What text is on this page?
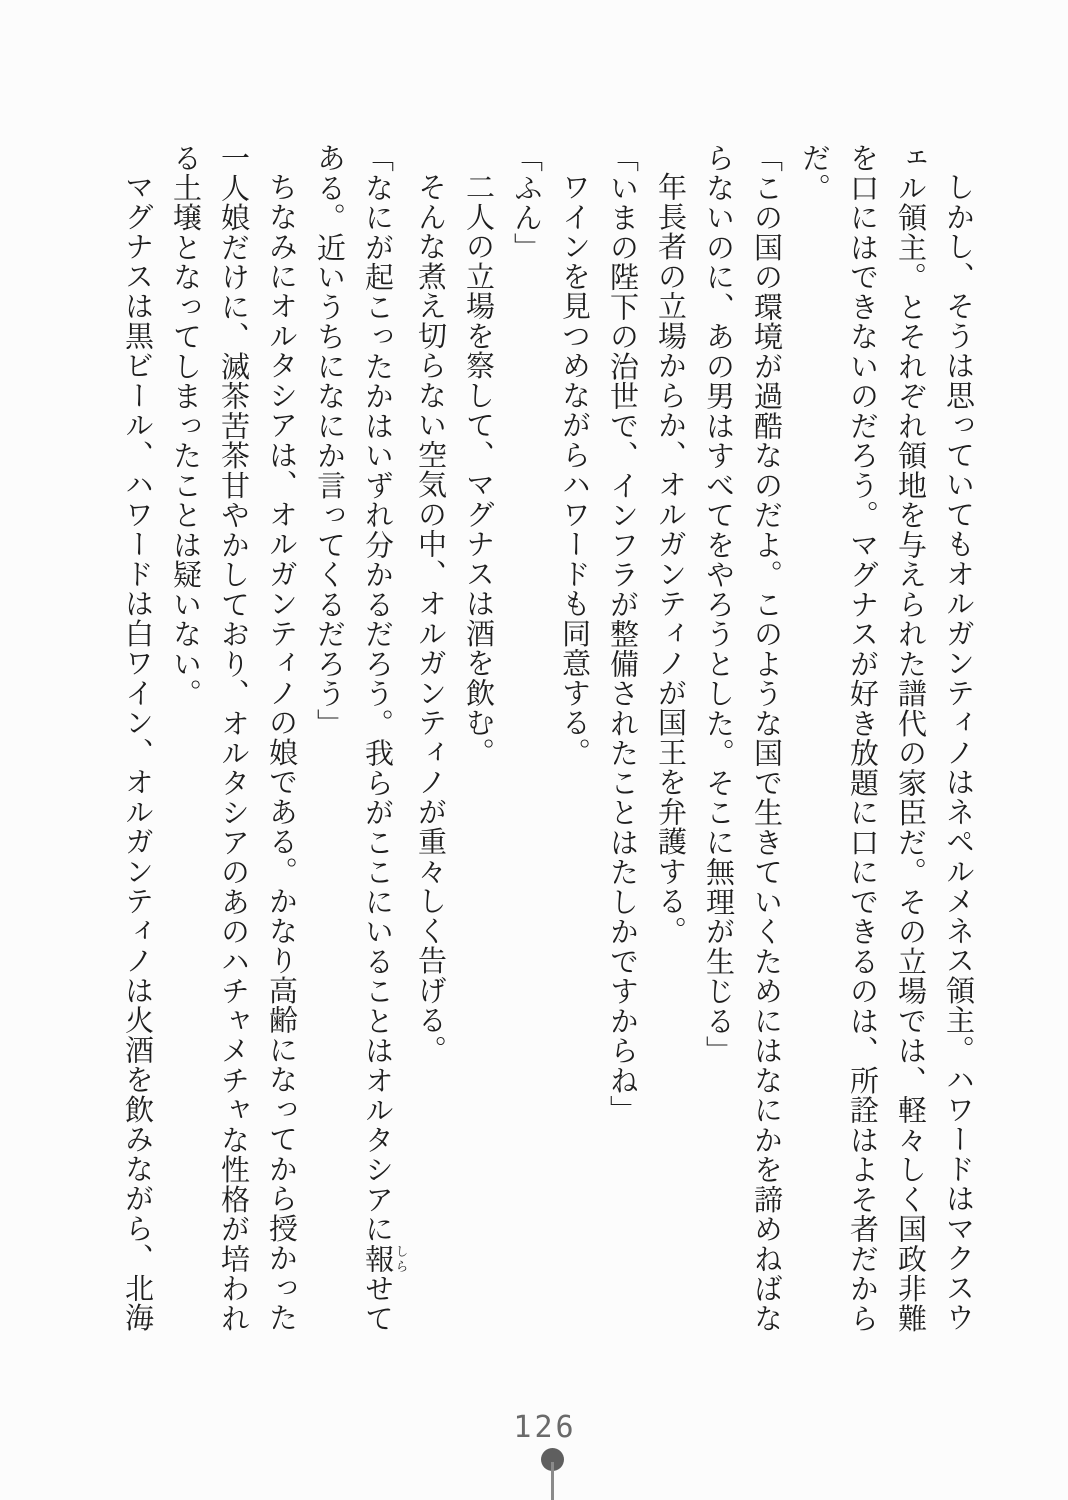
しかし、そうは思っていてもオルガンティノはネペルメネス領主。ハワードはマクスウェル領主。とそれぞれ領地を与えられた譜代の家臣だ。その立場では、軽々しく国政非難を口にはできないのだろう。マグナスが好き放題に口にできるのは、所詮はよそ者だからだ。

「この国の環境が過酷なのだよ。このような国で生きていくためにはなにかを諦めねばならないのに、あの男はすべてをやろうとした。そこに無理が生じる」

年長者の立場からか、オルガンティノが国王を弁護する。

「いまの陛下の治世で、インフラが整備されたことはたしかですからね」

ワインを見つめながらハワードも同意する。

「ふん」

二人の立場を察して、マグナスは酒を飲む。

そんな煮え切らない空気の中、オルガンティノが重々しく告げる。

「なにが起こったかはいずれ分かるだろう。我らがここにいることはオルタシアに報しらせてある。近いうちになにか言ってくるだろう」

ちなみにオルタシアは、オルガンティノの娘である。かなり高齢になってから授かった一人娘だけに、滅茶苦茶甘やかしており、オルタシアのあのハチャメチャな性格が培われる土壌となってしまったことは疑いない。

マグナスは黒ビール、ハワードは白ワイン、オルガンティノは火酒を飲みながら、北海

126
